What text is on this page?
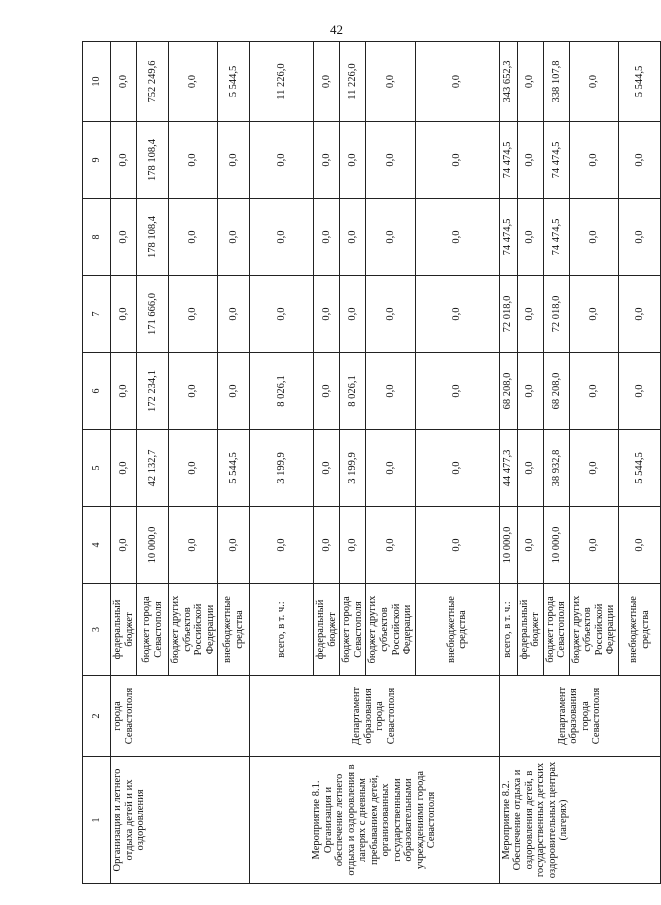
42
1	2	3	4	5	6	7	8	9	10
Организация и летнего отдыха детей и их оздоровления	города Севастополя	федеральный бюджет	0,0	0,0	0,0	0,0	0,0	0,0	0,0
		бюджет города Севастополя	10 000,0	42 132,7	172 234,1	171 666,0	178 108,4	178 108,4	752 249,6
		бюджет других субъектов Российской Федерации	0,0	0,0	0,0	0,0	0,0	0,0	0,0
		внебюджетные средства	0,0	5 544,5	0,0	0,0	0,0	0,0	5 544,5
Мероприятие 8.1. Организация и обеспечение летнего отдыха и оздоровления в лагерях с дневным пребыванием детей, организованных государственными образовательными учреждениями города Севастополя	Департамент образования города Севастополя	всего, в т. ч.:	0,0	3 199,9	8 026,1	0,0	0,0	0,0	11 226,0
		федеральный бюджет	0,0	0,0	0,0	0,0	0,0	0,0	0,0
		бюджет города Севастополя	0,0	3 199,9	8 026,1	0,0	0,0	0,0	11 226,0
		бюджет других субъектов Российской Федерации	0,0	0,0	0,0	0,0	0,0	0,0	0,0
		внебюджетные средства	0,0	0,0	0,0	0,0	0,0	0,0	0,0
Мероприятие 8.2. Обеспечение отдыха и оздоровления детей, в государственных детских оздоровительных центрах (лагерях)	Департамент образования города Севастополя	всего, в т. ч.:	10 000,0	44 477,3	68 208,0	72 018,0	74 474,5	74 474,5	343 652,3
		федеральный бюджет	0,0	0,0	0,0	0,0	0,0	0,0	0,0
		бюджет города Севастополя	10 000,0	38 932,8	68 208,0	72 018,0	74 474,5	74 474,5	338 107,8
		бюджет других субъектов Российской Федерации	0,0	0,0	0,0	0,0	0,0	0,0	0,0
		внебюджетные средства	0,0	5 544,5	0,0	0,0	0,0	0,0	5 544,5
